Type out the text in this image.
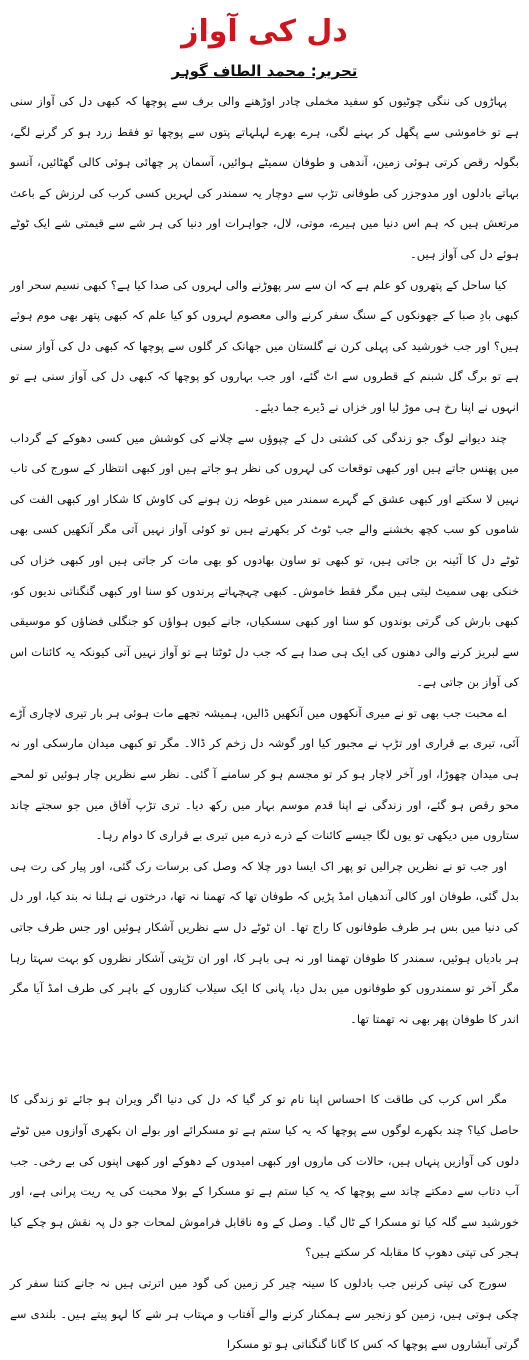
دل کی آواز
تحریر: محمد الطاف گوہر

پہاڑوں کی ننگی چوٹیوں کو سفید مخملی چادر اوڑھنے والی برف سے پوچھا کہ کبھی دل کی آواز سنی ہے تو خاموشی سے پگھل کر بہنے لگی، ہرے بھرے لہلہاتے پتوں سے پوچھا تو فقط زرد ہو کر گرنے لگے، بگولہ رقص کرتی ہوئی زمین، آندھی و طوفان سمیٹے ہوائیں، آسمان پر چھائی ہوئی کالی گھٹائیں، آنسو بہاتے بادلوں اور مدوجزر کی طوفانی تڑپ سے دوچار یہ سمندر کی لہریں کسی کرب کی لرزش کے باعث مرتعش ہیں کہ ہم اس دنیا میں ہیرے، موتی، لال، جواہرات اور دنیا کی ہر شے سے قیمتی شے ایک ٹوٹے ہوئے دل کی آواز ہیں۔

کیا ساحل کے پتھروں کو علم ہے کہ ان سے سر پھوڑنے والی لہروں کی صدا کیا ہے؟ کبھی نسیم سحر اور کبھی بادِ صبا کے جھونکوں کے سنگ سفر کرنے والی معصوم لہروں کو کیا علم کہ کبھی پتھر بھی موم ہوئے ہیں؟ اور جب خورشید کی پہلی کرن نے گلستان میں جھانک کر گلوں سے پوچھا کہ کبھی دل کی آواز سنی ہے تو برگ گل شبنم کے قطروں سے اٹ گئے، اور جب بہاروں کو پوچھا کہ کبھی دل کی آواز سنی ہے تو انہوں نے اپنا رخ ہی موڑ لیا اور خزاں نے ڈیرے جما دیئے۔

چند دیوانے لوگ جو زندگی کی کشتی دل کے چپوؤں سے چلانے کی کوشش میں کسی دھوکے کے گرداب میں پھنس جاتے ہیں اور کبھی توقعات کی لہروں کی نظر ہو جاتے ہیں اور کبھی انتظار کے سورج کی تاب نہیں لا سکتے اور کبھی عشق کے گہرے سمندر میں غوطہ زن ہونے کی کاوش کا شکار اور کبھی الفت کی شاموں کو سب کچھ بخشنے والے جب ٹوٹ کر بکھرتے ہیں تو کوئی آواز نہیں آتی مگر آنکھیں کسی بھی ٹوٹے دل کا آئینہ بن جاتی ہیں، تو کبھی تو ساون بھادوں کو بھی مات کر جاتی ہیں اور کبھی خزاں کی خنکی بھی سمیٹ لیتی ہیں مگر فقط خاموش۔ کبھی چہچہاتے پرندوں کو سنا اور کبھی گنگناتی ندیوں کو، کبھی بارش کی گرتی بوندوں کو سنا اور کبھی سسکیاں، جانے کیوں ہواؤں کو جنگلی فضاؤں کو موسیقی سے لبریز کرنے والی دھنوں کی ایک ہی صدا ہے کہ جب دل ٹوٹتا ہے تو آواز نہیں آتی کیونکہ یہ کائنات اس کی آواز بن جاتی ہے۔

اے محبت جب بھی تو نے میری آنکھوں میں آنکھیں ڈالیں، ہمیشہ تجھے مات ہوئی ہر بار تیری لاچاری آڑے آئی، تیری بے قراری اور تڑپ نے مجبور کیا اور گوشہ دل زخم کر ڈالا۔ مگر تو کبھی میدان مارسکی اور نہ ہی میدان چھوڑا، اور آخر لاچار ہو کر تو مجسم ہو کر سامنے آ گئی۔ نظر سے نظریں چار ہوئیں تو لمحے محو رقص ہو گئے، اور زندگی نے اپنا قدم موسم بہار میں رکھ دیا۔ تری تڑپ آفاق میں جو سجتے چاند ستاروں میں دیکھی تو یوں لگا جیسے کائنات کے ذرے ذرے میں تیری بے قراری کا دوام رہا۔

اور جب تو نے نظریں چرالیں تو پھر اک ایسا دور چلا کہ وصل کی برسات رک گئی، اور پیار کی رت ہی بدل گئی، طوفان اور کالی آندھیاں امڈ پڑیں کہ طوفان تھا کہ تھمنا نہ تھا، درختوں نے ہلنا نہ بند کیا، اور دل کی دنیا میں بس ہر طرف طوفانوں کا راج تھا۔ ان ٹوٹے دل سے نظریں آشکار ہوئیں اور جس طرف جاتی ہر بادیاں ہوئیں، سمندر کا طوفان تھمنا اور نہ ہی باہر کا، اور ان تڑپتی آشکار نظروں کو بہت سہتا رہا مگر آخر تو سمندروں کو طوفانوں میں بدل دیا، پانی کا ایک سیلاب کناروں کے باہر کی طرف امڈ آیا مگر اندر کا طوفان پھر بھی نہ تھمتا تھا۔

مگر اس کرب کی طاقت کا احساس اپنا نام تو کر گیا کہ دل کی دنیا اگر ویران ہو جائے تو زندگی کا حاصل کیا؟ چند بکھرے لوگوں سے پوچھا کہ یہ کیا ستم ہے تو مسکرائے اور بولے ان بکھری آوازوں میں ٹوٹے دلوں کی آوازیں پنہاں ہیں، حالات کی ماروں اور کبھی امیدوں کے دھوکے اور کبھی اپنوں کی بے رخی۔ جب آب دتاب سے دمکتے چاند سے پوچھا کہ یہ کیا ستم ہے تو مسکرا کے بولا محبت کی یہ ریت پرانی ہے، اور خورشید سے گلہ کیا تو مسکرا کے ٹال گیا۔ وصل کے وہ ناقابل فراموش لمحات جو دل پہ نقش ہو چکے کیا ہجر کی تپتی دھوپ کا مقابلہ کر سکتے ہیں؟

سورج کی تپتی کرنیں جب بادلوں کا سینہ چیر کر زمین کی گود میں اترتی ہیں نہ جانے کتنا سفر کر چکی ہوتی ہیں، زمین کو زنجیر سے ہمکنار کرنے والے آفتاب و مہتاب ہر شے کا لہو پیتے ہیں۔ بلندی سے گرتی آبشاروں سے پوچھا کہ کس کا گانا گنگناتی ہو تو مسکرا
